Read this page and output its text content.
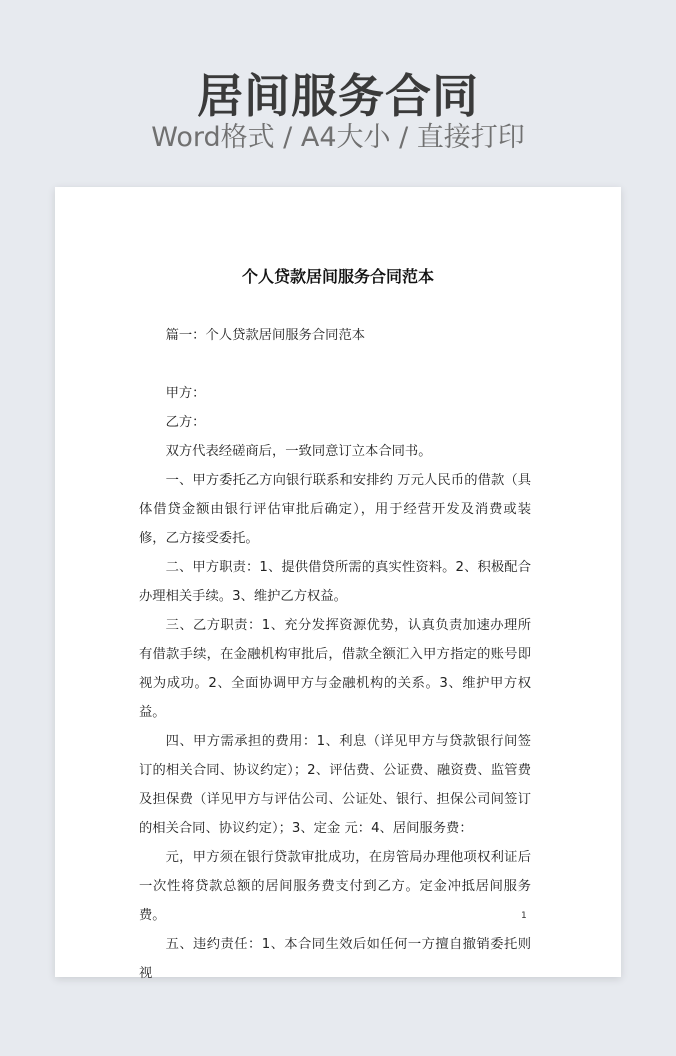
居间服务合同
Word格式 / A4大小 / 直接打印
个人贷款居间服务合同范本

篇一：个人贷款居间服务合同范本

甲方：

乙方：

双方代表经磋商后，一致同意订立本合同书。

一、甲方委托乙方向银行联系和安排约 万元人民币的借款（具体借贷金额由银行评估审批后确定），用于经营开发及消费或装修，乙方接受委托。

二、甲方职责：1、提供借贷所需的真实性资料。2、积极配合办理相关手续。3、维护乙方权益。

三、乙方职责：1、充分发挥资源优势，认真负责加速办理所有借款手续，在金融机构审批后，借款全额汇入甲方指定的账号即视为成功。2、全面协调甲方与金融机构的关系。3、维护甲方权益。

四、甲方需承担的费用：1、利息（详见甲方与贷款银行间签订的相关合同、协议约定）；2、评估费、公证费、融资费、监管费及担保费（详见甲方与评估公司、公证处、银行、担保公司间签订的相关合同、协议约定）；3、定金 元：4、居间服务费：

元，甲方须在银行贷款审批成功，在房管局办理他项权利证后一次性将贷款总额的居间服务费支付到乙方。定金冲抵居间服务费。

五、违约责任：1、本合同生效后如任何一方擅自撤销委托则视

1
